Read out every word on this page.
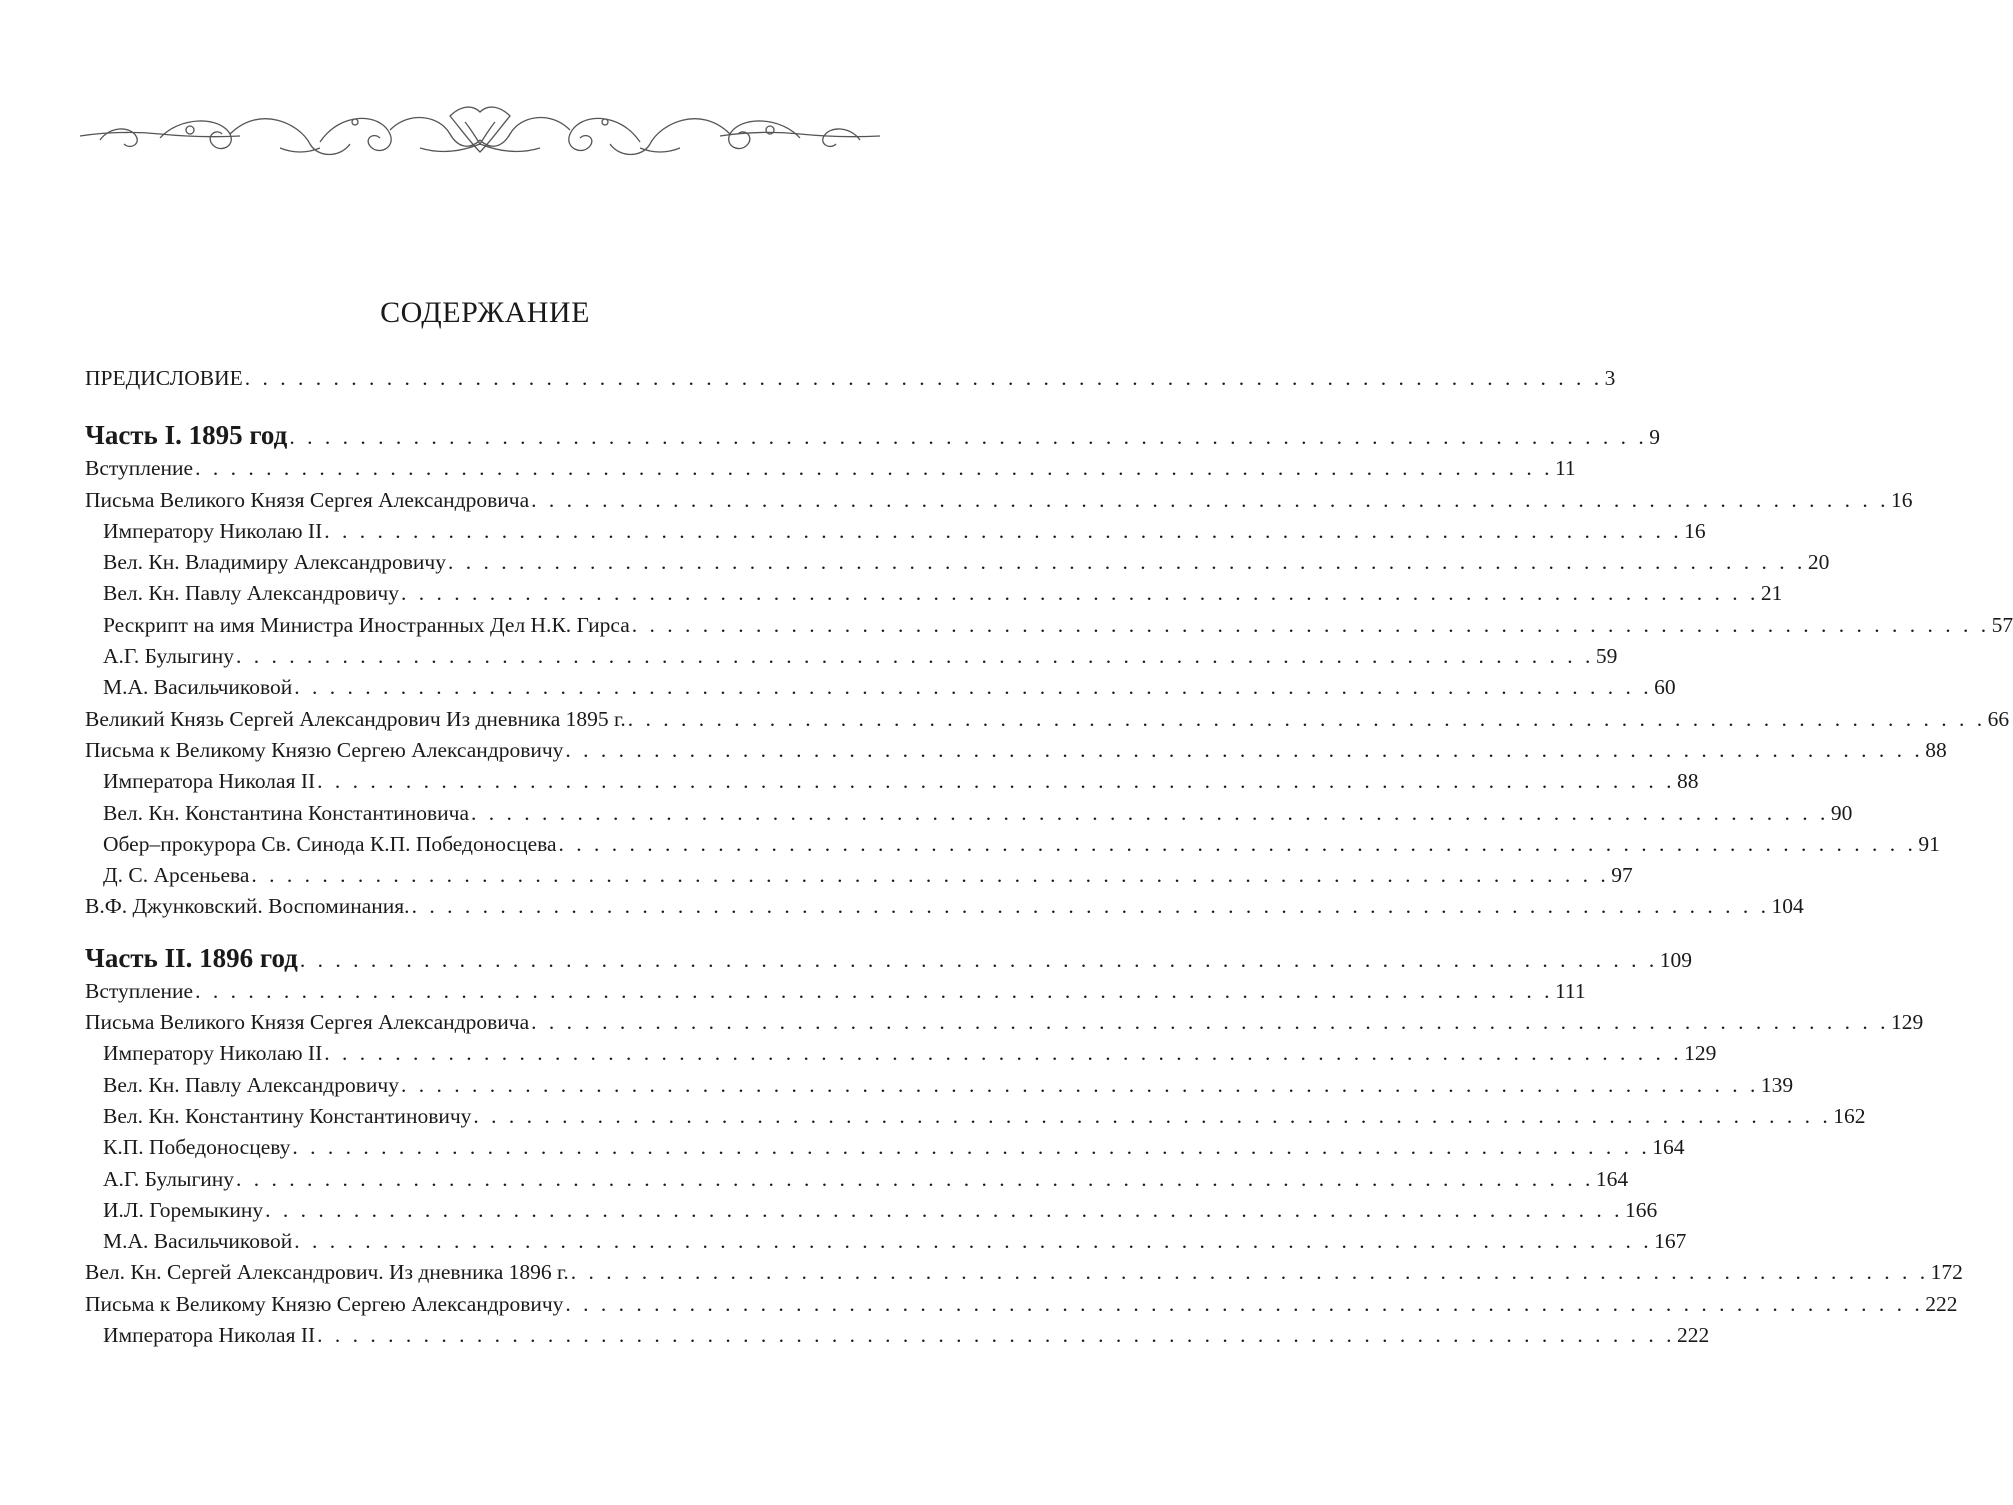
СОДЕРЖАНИЕ
ПРЕДИСЛОВИЕ . . . . . . . . . . . . . . . . . . . . . . . . . . . . . . . . . . . . . . . . . . . . . . . . . . . . . . . . . . . . . . . . . . . . . . . . . . . . . 3
Часть I. 1895 год . . . . . . . . . . . . . . . . . . . . . . . . . . . . . . . . . . . . . . . . . . . . . . . . . . . . . . . . . . . . . . . . . . . . . . . . . . . . . 9
Вступление . . . . . . . . . . . . . . . . . . . . . . . . . . . . . . . . . . . . . . . . . . . . . . . . . . . . . . . . . . . . . . . . . . . . . . . . . . . . . 11
Письма Великого Князя Сергея Александровича . . . . . . . . . . . . . . . . . . . . . . . . . . . . . . . . . . . . . . . . . . . . . . . . . . . . . . . . . . . . . . . . . . . . . . . . . . . . . 16
Императору Николаю II . . . . . . . . . . . . . . . . . . . . . . . . . . . . . . . . . . . . . . . . . . . . . . . . . . . . . . . . . . . . . . . . . . . . . . . . . . . . . 16
Вел. Кн. Владимиру Александровичу . . . . . . . . . . . . . . . . . . . . . . . . . . . . . . . . . . . . . . . . . . . . . . . . . . . . . . . . . . . . . . . . . . . . . . . . . . . . . 20
Вел. Кн. Павлу Александровичу . . . . . . . . . . . . . . . . . . . . . . . . . . . . . . . . . . . . . . . . . . . . . . . . . . . . . . . . . . . . . . . . . . . . . . . . . . . . . 21
Рескрипт на имя Министра Иностранных Дел Н.К. Гирса . . . . . . . . . . . . . . . . . . . . . . . . . . . . . . . . . . . . . . . . . . . . . . . . . . . . . . . . . . . . . . . . . . . . . . . . . . . . . 57
А.Г. Булыгину . . . . . . . . . . . . . . . . . . . . . . . . . . . . . . . . . . . . . . . . . . . . . . . . . . . . . . . . . . . . . . . . . . . . . . . . . . . . . 59
М.А. Васильчиковой . . . . . . . . . . . . . . . . . . . . . . . . . . . . . . . . . . . . . . . . . . . . . . . . . . . . . . . . . . . . . . . . . . . . . . . . . . . . . 60
Великий Князь Сергей Александрович Из дневника 1895 г. . . . . . . . . . . . . . . . . . . . . . . . . . . . . . . . . . . . . . . . . . . . . . . . . . . . . . . . . . . . . . . . . . . . . . . . . . . . . . 66
Письма к Великому Князю Сергею Александровичу . . . . . . . . . . . . . . . . . . . . . . . . . . . . . . . . . . . . . . . . . . . . . . . . . . . . . . . . . . . . . . . . . . . . . . . . . . . . . 88
Императора Николая II . . . . . . . . . . . . . . . . . . . . . . . . . . . . . . . . . . . . . . . . . . . . . . . . . . . . . . . . . . . . . . . . . . . . . . . . . . . . . 88
Вел. Кн. Константина Константиновича . . . . . . . . . . . . . . . . . . . . . . . . . . . . . . . . . . . . . . . . . . . . . . . . . . . . . . . . . . . . . . . . . . . . . . . . . . . . . 90
Обер–прокурора Св. Синода К.П. Победоносцева . . . . . . . . . . . . . . . . . . . . . . . . . . . . . . . . . . . . . . . . . . . . . . . . . . . . . . . . . . . . . . . . . . . . . . . . . . . . . 91
Д. С. Арсеньева . . . . . . . . . . . . . . . . . . . . . . . . . . . . . . . . . . . . . . . . . . . . . . . . . . . . . . . . . . . . . . . . . . . . . . . . . . . . . 97
В.Ф. Джунковский. Воспоминания. . . . . . . . . . . . . . . . . . . . . . . . . . . . . . . . . . . . . . . . . . . . . . . . . . . . . . . . . . . . . . . . . . . . . . . . . . . . . . 104
Часть II. 1896 год . . . . . . . . . . . . . . . . . . . . . . . . . . . . . . . . . . . . . . . . . . . . . . . . . . . . . . . . . . . . . . . . . . . . . . . . . . . . . 109
Вступление . . . . . . . . . . . . . . . . . . . . . . . . . . . . . . . . . . . . . . . . . . . . . . . . . . . . . . . . . . . . . . . . . . . . . . . . . . . . . 111
Письма Великого Князя Сергея Александровича . . . . . . . . . . . . . . . . . . . . . . . . . . . . . . . . . . . . . . . . . . . . . . . . . . . . . . . . . . . . . . . . . . . . . . . . . . . . . 129
Императору Николаю II . . . . . . . . . . . . . . . . . . . . . . . . . . . . . . . . . . . . . . . . . . . . . . . . . . . . . . . . . . . . . . . . . . . . . . . . . . . . . 129
Вел. Кн. Павлу Александровичу . . . . . . . . . . . . . . . . . . . . . . . . . . . . . . . . . . . . . . . . . . . . . . . . . . . . . . . . . . . . . . . . . . . . . . . . . . . . . 139
Вел. Кн. Константину Константиновичу . . . . . . . . . . . . . . . . . . . . . . . . . . . . . . . . . . . . . . . . . . . . . . . . . . . . . . . . . . . . . . . . . . . . . . . . . . . . . 162
К.П. Победоносцеву . . . . . . . . . . . . . . . . . . . . . . . . . . . . . . . . . . . . . . . . . . . . . . . . . . . . . . . . . . . . . . . . . . . . . . . . . . . . . 164
А.Г. Булыгину . . . . . . . . . . . . . . . . . . . . . . . . . . . . . . . . . . . . . . . . . . . . . . . . . . . . . . . . . . . . . . . . . . . . . . . . . . . . . 164
И.Л. Горемыкину . . . . . . . . . . . . . . . . . . . . . . . . . . . . . . . . . . . . . . . . . . . . . . . . . . . . . . . . . . . . . . . . . . . . . . . . . . . . . 166
М.А. Васильчиковой . . . . . . . . . . . . . . . . . . . . . . . . . . . . . . . . . . . . . . . . . . . . . . . . . . . . . . . . . . . . . . . . . . . . . . . . . . . . . 167
Вел. Кн. Сергей Александрович. Из дневника 1896 г. . . . . . . . . . . . . . . . . . . . . . . . . . . . . . . . . . . . . . . . . . . . . . . . . . . . . . . . . . . . . . . . . . . . . . . . . . . . . . 172
Письма к Великому Князю Сергею Александровичу . . . . . . . . . . . . . . . . . . . . . . . . . . . . . . . . . . . . . . . . . . . . . . . . . . . . . . . . . . . . . . . . . . . . . . . . . . . . . 222
Императора Николая II . . . . . . . . . . . . . . . . . . . . . . . . . . . . . . . . . . . . . . . . . . . . . . . . . . . . . . . . . . . . . . . . . . . . . . . . . . . . . 222
